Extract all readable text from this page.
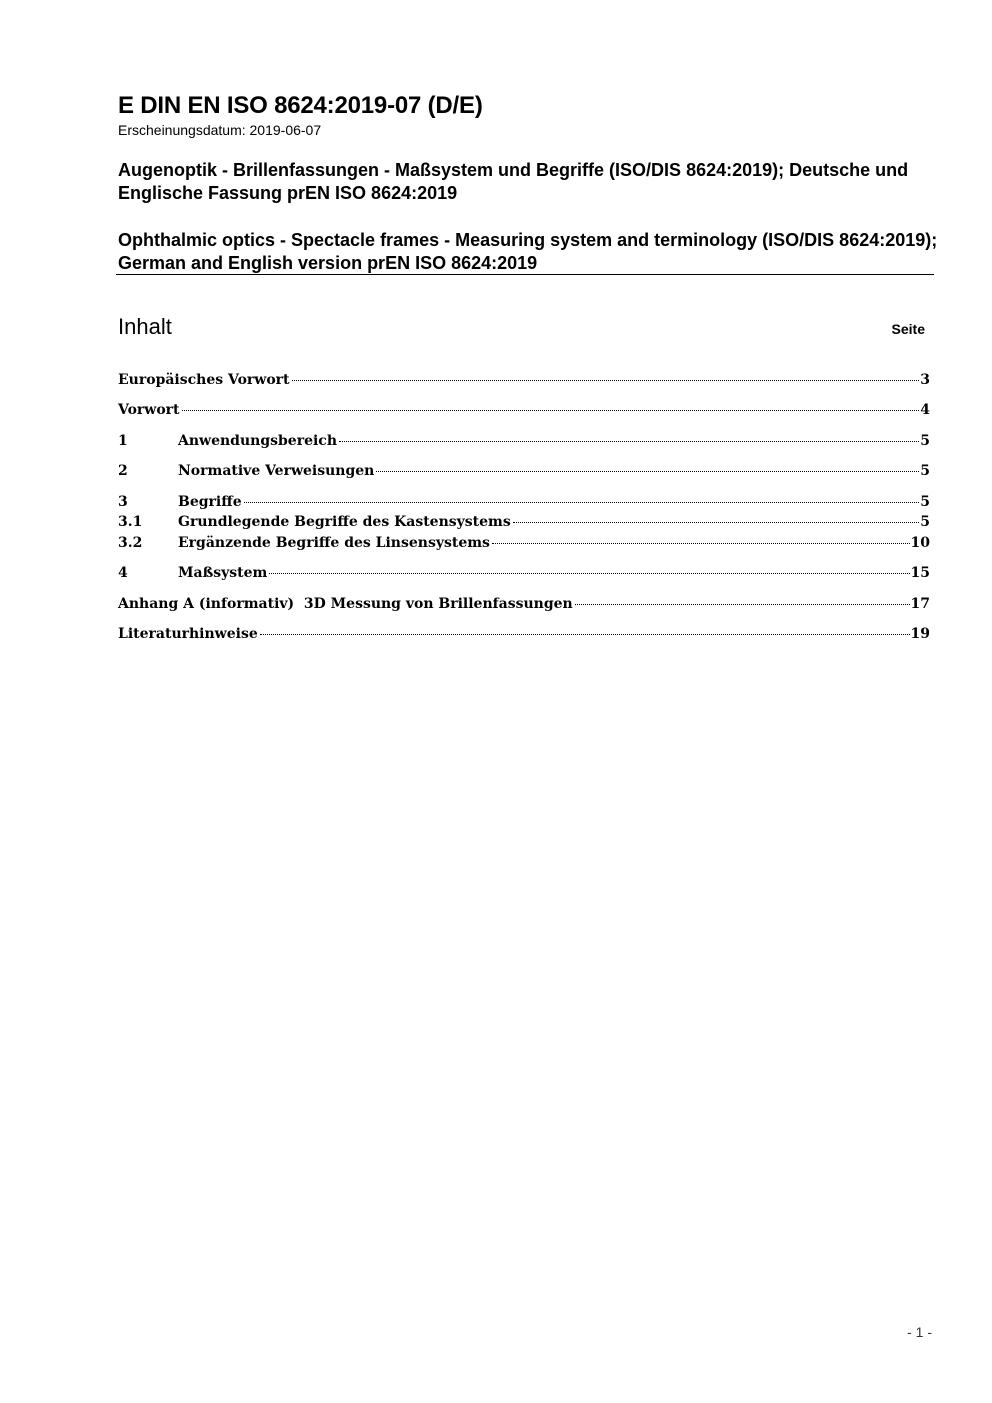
E DIN EN ISO 8624:2019-07 (D/E)
Erscheinungsdatum: 2019-06-07
Augenoptik - Brillenfassungen - Maßsystem und Begriffe (ISO/DIS 8624:2019); Deutsche und Englische Fassung prEN ISO 8624:2019
Ophthalmic optics - Spectacle frames - Measuring system and terminology (ISO/DIS 8624:2019); German and English version prEN ISO 8624:2019
Inhalt	Seite
Europäisches Vorwort	3
Vorwort	4
1	Anwendungsbereich	5
2	Normative Verweisungen	5
3	Begriffe	5
3.1	Grundlegende Begriffe des Kastensystems	5
3.2	Ergänzende Begriffe des Linsensystems	10
4	Maßsystem	15
Anhang A (informativ)  3D Messung von Brillenfassungen	17
Literaturhinweise	19
- 1 -
